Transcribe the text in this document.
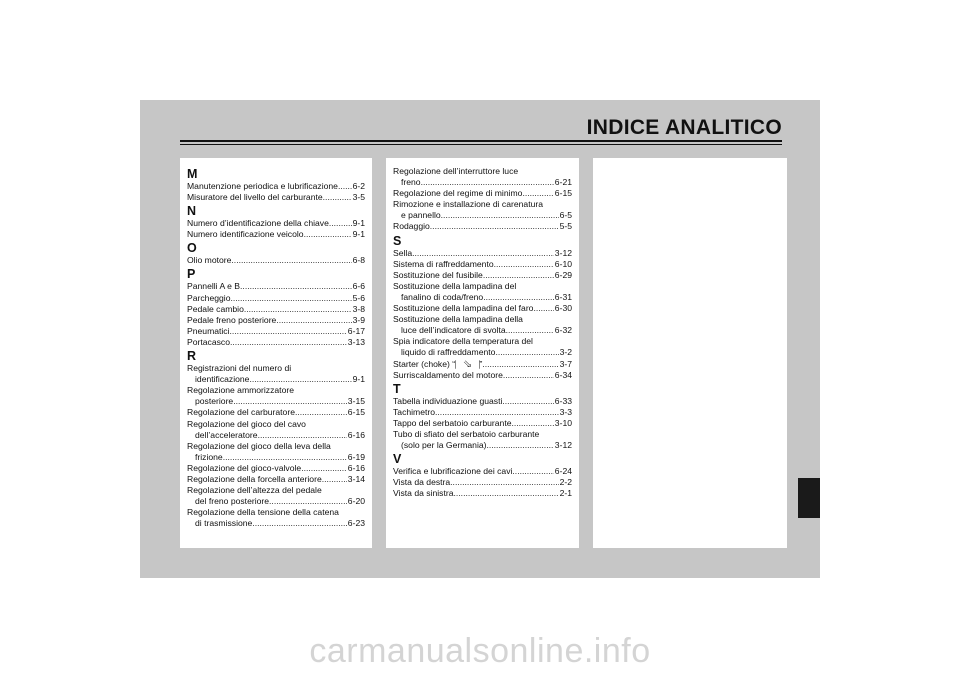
INDICE ANALITICO
M
Manutenzione periodica e lubrificazione ..... 6-2
Misuratore del livello del carburante .....	3-5
N
Numero d’identificazione della chiave .....	9-1
Numero identificazione veicolo .....	9-1
O
Olio motore .....	6-8
P
Pannelli A e B .....	6-6
Parcheggio .....	5-6
Pedale cambio .....	3-8
Pedale freno posteriore .....	3-9
Pneumatici .....	6-17
Portacasco .....	3-13
R
Registrazioni del numero di
identificazione .....	9-1
Regolazione ammorizzatore
posteriore .....	3-15
Regolazione del carburatore .....	6-15
Regolazione del gioco del cavo
dell’acceleratore .....	6-16
Regolazione del gioco della leva della
frizione .....	6-19
Regolazione del gioco-valvole .....	6-16
Regolazione della forcella anteriore .....	3-14
Regolazione dell’altezza del pedale
del freno posteriore .....	6-20
Regolazione della tensione della catena
di trasmissione .....	6-23
Regolazione dell’interruttore luce
freno .....	6-21
Regolazione del regime di minimo .....	6-15
Rimozione e installazione di carenatura
e pannello .....	6-5
Rodaggio .....	5-5
S
Sella .....	3-12
Sistema di raffreddamento .....	6-10
Sostituzione del fusibile .....	6-29
Sostituzione della lampadina del
fanalino di coda/freno .....	6-31
Sostituzione della lampadina del faro ..... 6-30
Sostituzione della lampadina della
luce dell’indicatore di svolta .....	6-32
Spia indicatore della temperatura del
liquido di raffreddamento .....	3-2
Starter (choke) “⎸⇘⎹” .....	3-7
Surriscaldamento del motore .....	6-34
T
Tabella individuazione guasti .....	6-33
Tachimetro .....	3-3
Tappo del serbatoio carburante .....	3-10
Tubo di sfiato del serbatoio carburante
(solo per la Germania) .....	3-12
V
Verifica e lubrificazione dei cavi .....	6-24
Vista da destra .....	2-2
Vista da sinistra .....	2-1
carmanualsonline.info
